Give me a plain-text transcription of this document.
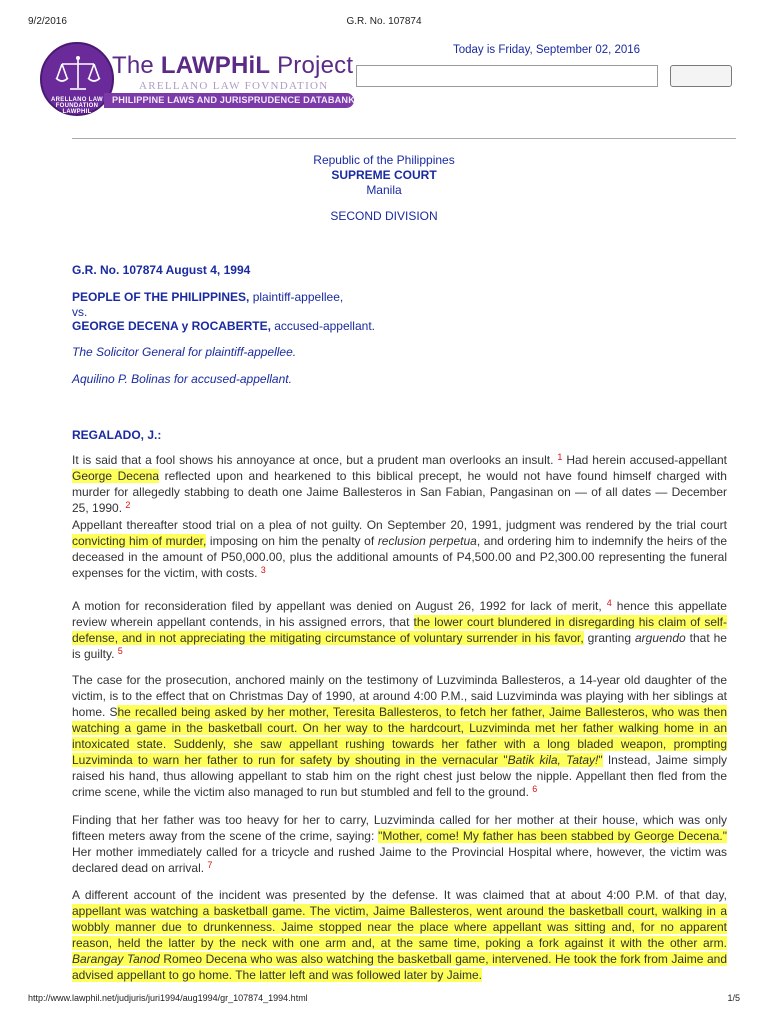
9/2/2016	G.R. No. 107874
ARELLANO LAW FOUNDATION LAWPHIL
The LAWPHiL Project
ARELLANO LAW FOVNDATION
PHILIPPINE LAWS AND JURISPRUDENCE DATABANK
Today is Friday, September 02, 2016
Republic of the Philippines
SUPREME COURT
Manila
SECOND DIVISION
G.R. No. 107874 August 4, 1994
PEOPLE OF THE PHILIPPINES, plaintiff-appellee,
vs.
GEORGE DECENA y ROCABERTE, accused-appellant.
The Solicitor General for plaintiff-appellee.
Aquilino P. Bolinas for accused-appellant.
REGALADO, J.:

It is said that a fool shows his annoyance at once, but a prudent man overlooks an insult. $^1$ Had herein accused-appellant George Decena reflected upon and hearkened to this biblical precept, he would not have found himself charged with murder for allegedly stabbing to death one Jaime Ballesteros in San Fabian, Pangasinan on — of all dates — December 25, 1990. $^2$

Appellant thereafter stood trial on a plea of not guilty. On September 20, 1991, judgment was rendered by the trial court convicting him of murder, imposing on him the penalty of reclusion perpetua, and ordering him to indemnify the heirs of the deceased in the amount of P50,000.00, plus the additional amounts of P4,500.00 and P2,300.00 representing the funeral expenses for the victim, with costs. $^3$

A motion for reconsideration filed by appellant was denied on August 26, 1992 for lack of merit, $^4$ hence this appellate review wherein appellant contends, in his assigned errors, that the lower court blundered in disregarding his claim of self-defense, and in not appreciating the mitigating circumstance of voluntary surrender in his favor, granting arguendo that he is guilty. $^5$

The case for the prosecution, anchored mainly on the testimony of Luzviminda Ballesteros, a 14-year old daughter of the victim, is to the effect that on Christmas Day of 1990, at around 4:00 P.M., said Luzviminda was playing with her siblings at home. She recalled being asked by her mother, Teresita Ballesteros, to fetch her father, Jaime Ballesteros, who was then watching a game in the basketball court. On her way to the hardcourt, Luzviminda met her father walking home in an intoxicated state. Suddenly, she saw appellant rushing towards her father with a long bladed weapon, prompting Luzviminda to warn her father to run for safety by shouting in the vernacular "Batik kila, Tatay!" Instead, Jaime simply raised his hand, thus allowing appellant to stab him on the right chest just below the nipple. Appellant then fled from the crime scene, while the victim also managed to run but stumbled and fell to the ground. $^6$

Finding that her father was too heavy for her to carry, Luzviminda called for her mother at their house, which was only fifteen meters away from the scene of the crime, saying: "Mother, come! My father has been stabbed by George Decena." Her mother immediately called for a tricycle and rushed Jaime to the Provincial Hospital where, however, the victim was declared dead on arrival. $^7$

A different account of the incident was presented by the defense. It was claimed that at about 4:00 P.M. of that day, appellant was watching a basketball game. The victim, Jaime Ballesteros, went around the basketball court, walking in a wobbly manner due to drunkenness. Jaime stopped near the place where appellant was sitting and, for no apparent reason, held the latter by the neck with one arm and, at the same time, poking a fork against it with the other arm. Barangay Tanod Romeo Decena who was also watching the basketball game, intervened. He took the fork from Jaime and advised appellant to go home. The latter left and was followed later by Jaime.

http://www.lawphil.net/judjuris/juri1994/aug1994/gr_107874_1994.html	1/5
